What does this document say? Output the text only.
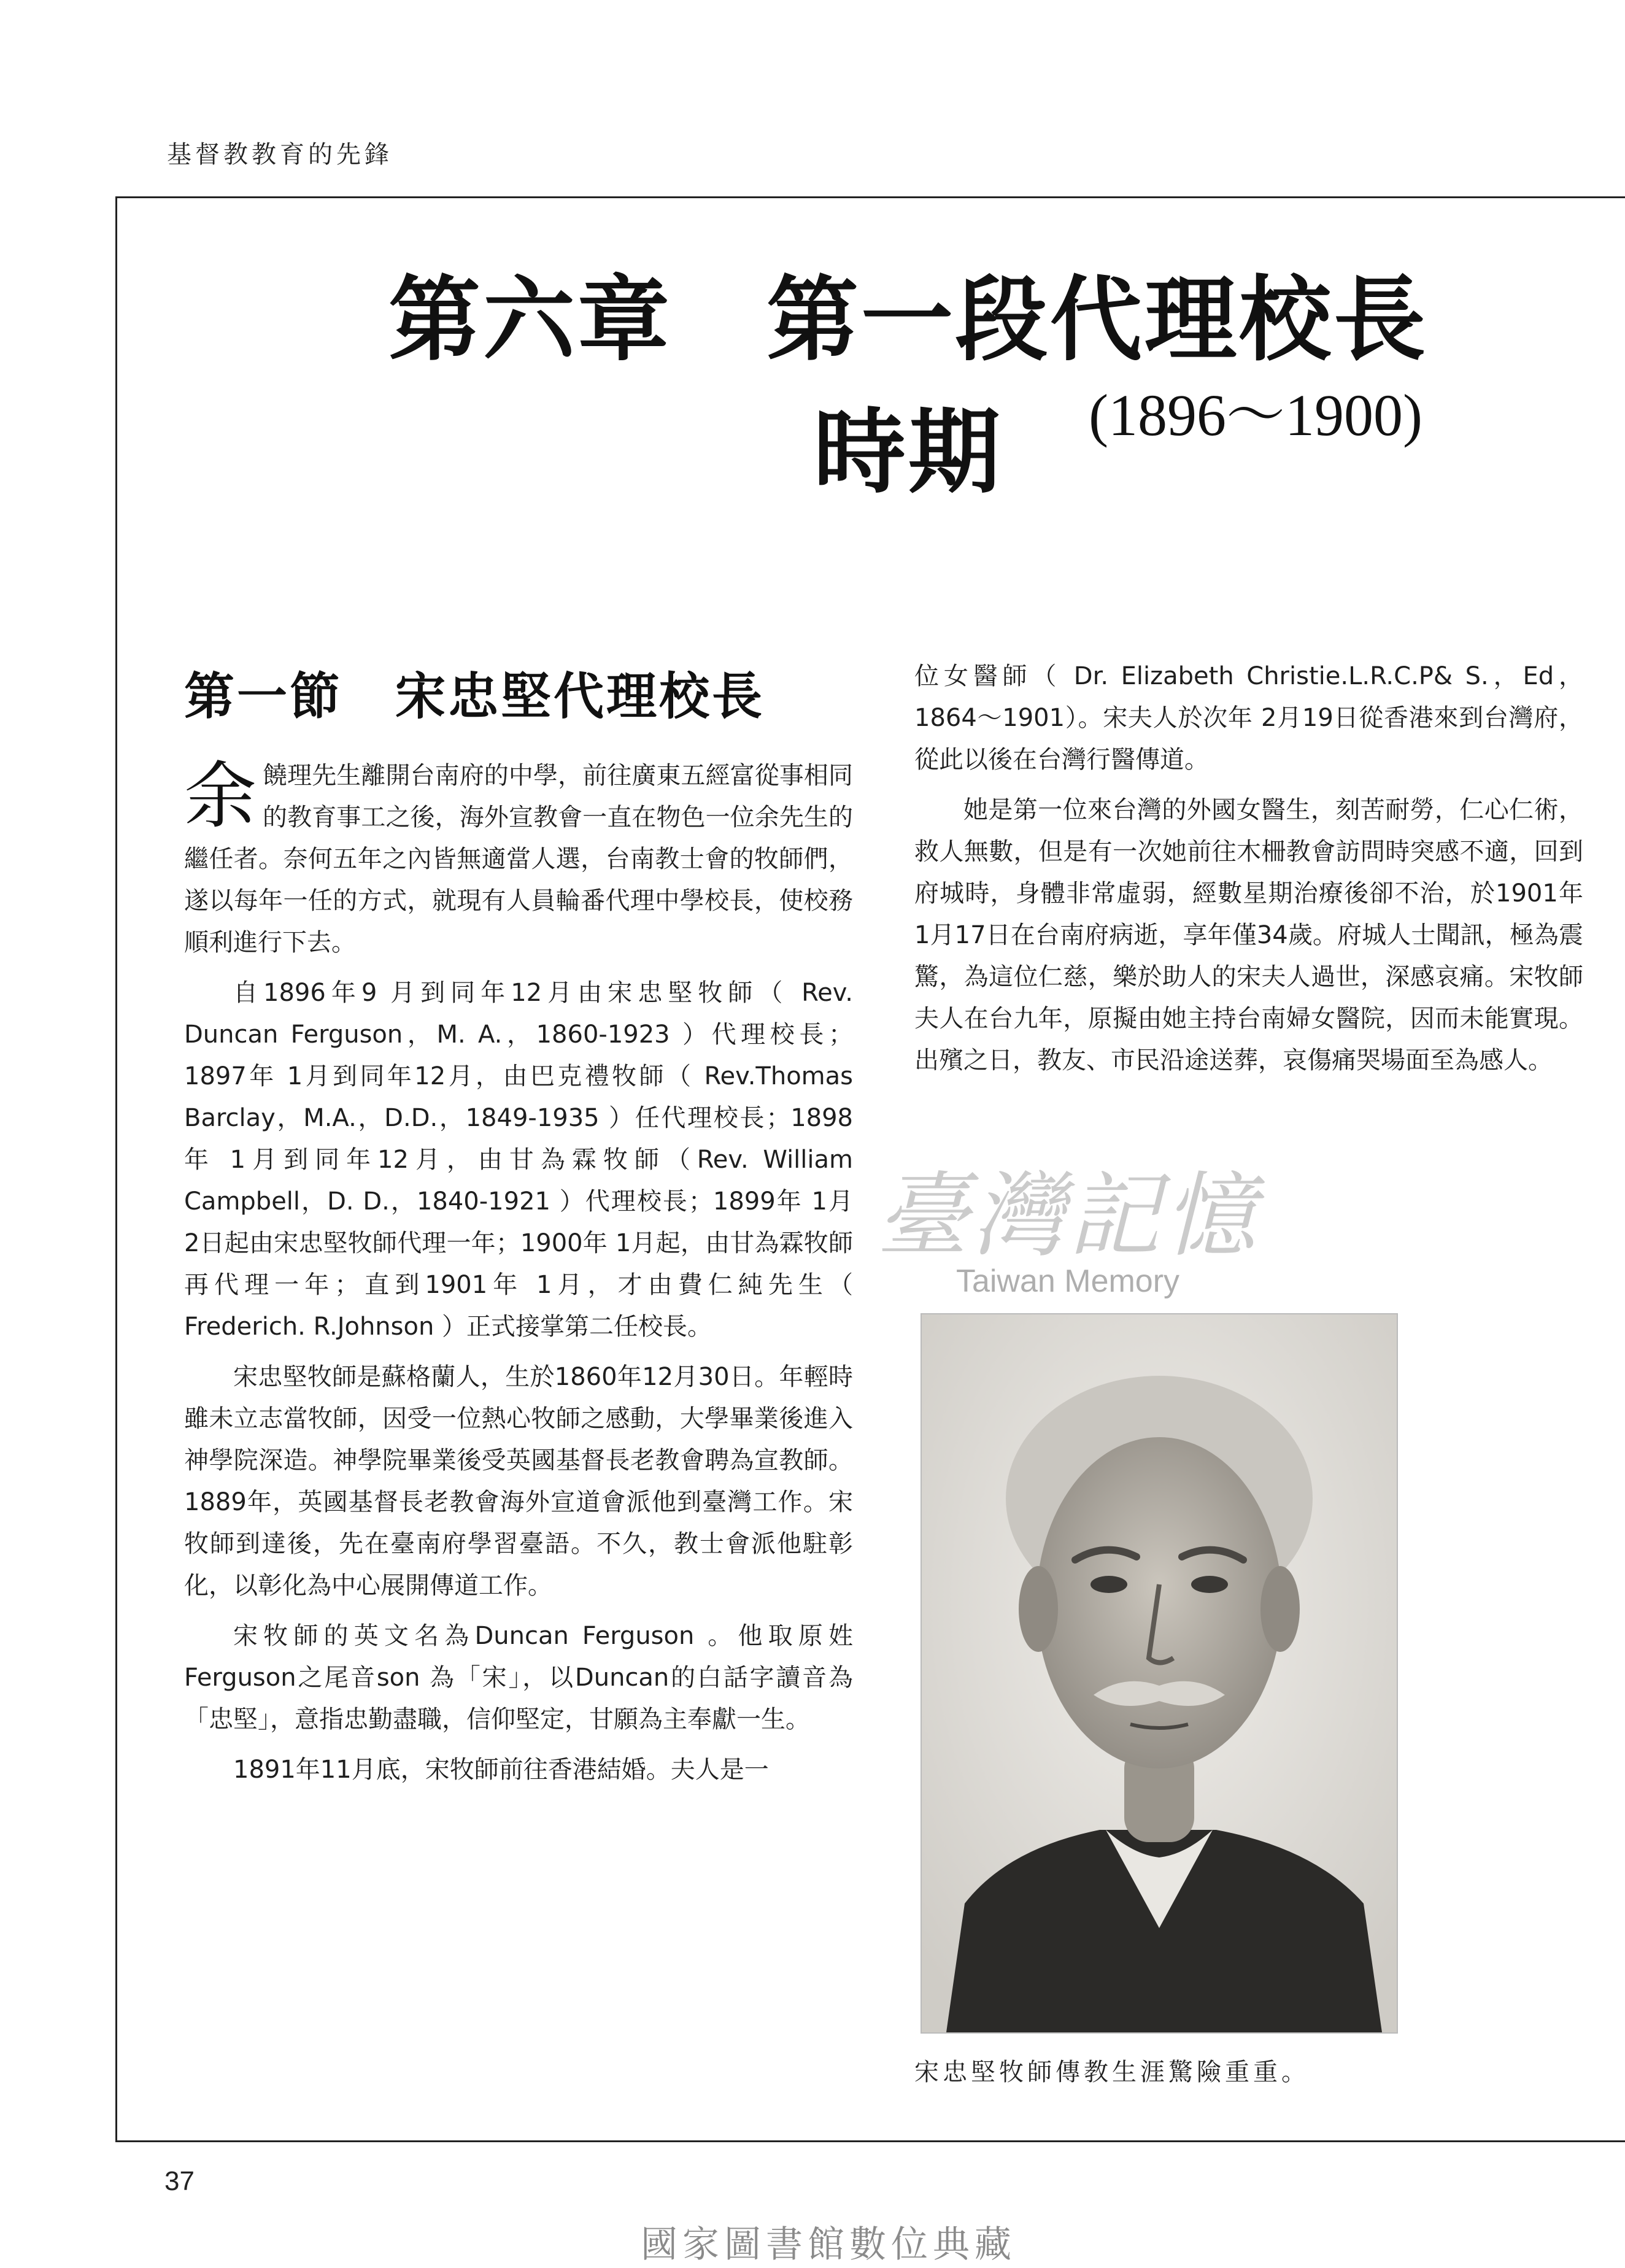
基督教教育的先鋒
第六章　第一段代理校長時期	(1896～1900)
第一節　宋忠堅代理校長

余 饒理先生離開台南府的中學，前往廣東五經富從事相同的教育事工之後，海外宣教會一直在物色一位余先生的繼任者。奈何五年之內皆無適當人選，台南教士會的牧師們，遂以每年一任的方式，就現有人員輪番代理中學校長，使校務順利進行下去。

自1896年9 月到同年12月由宋忠堅牧師（ Rev. Duncan Ferguson，M. A.，1860-1923 ）代理校長；1897年 1月到同年12月，由巴克禮牧師（ Rev.Thomas Barclay，M.A.，D.D.，1849-1935 ）任代理校長；1898年 1月到同年12月，由甘為霖牧師（Rev. William Campbell，D. D.，1840-1921 ）代理校長；1899年 1月 2日起由宋忠堅牧師代理一年；1900年 1月起，由甘為霖牧師再代理一年；直到1901年 1月，才由費仁純先生（ Frederich. R.Johnson ）正式接掌第二任校長。

宋忠堅牧師是蘇格蘭人，生於1860年12月30日。年輕時雖未立志當牧師，因受一位熱心牧師之感動，大學畢業後進入神學院深造。神學院畢業後受英國基督長老教會聘為宣教師。1889年，英國基督長老教會海外宣道會派他到臺灣工作。宋牧師到達後，先在臺南府學習臺語。不久，教士會派他駐彰化，以彰化為中心展開傳道工作。

宋牧師的英文名為Duncan Ferguson 。他取原姓Ferguson之尾音son 為「宋」，以Duncan的白話字讀音為「忠堅」，意指忠勤盡職，信仰堅定，甘願為主奉獻一生。

1891年11月底，宋牧師前往香港結婚。夫人是一

位女醫師（ Dr. Elizabeth Christie.L.R.C.P& S.，Ed，1864～1901）。宋夫人於次年 2月19日從香港來到台灣府，從此以後在台灣行醫傳道。

她是第一位來台灣的外國女醫生，刻苦耐勞，仁心仁術，救人無數，但是有一次她前往木柵教會訪問時突感不適，回到府城時，身體非常虛弱，經數星期治療後卻不治，於1901年 1月17日在台南府病逝，享年僅34歲。府城人士聞訊，極為震驚，為這位仁慈，樂於助人的宋夫人過世，深感哀痛。宋牧師夫人在台九年，原擬由她主持台南婦女醫院，因而未能實現。出殯之日，教友、市民沿途送葬，哀傷痛哭場面至為感人。

臺灣記憶
Taiwan Memory
宋忠堅牧師傳教生涯驚險重重。
37
國家圖書館數位典藏
